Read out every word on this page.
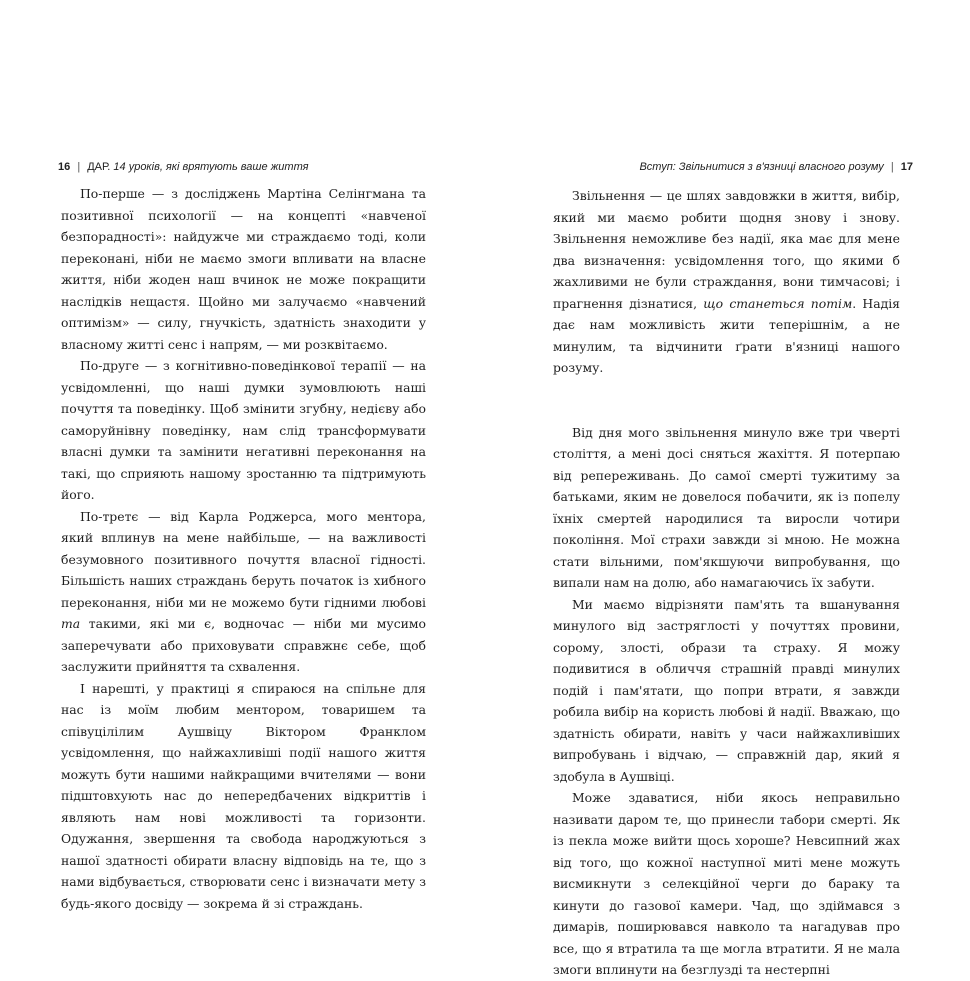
16 | ДАР. 14 уроків, які врятують ваше життя

По-перше — з досліджень Мартіна Селінгмана та позитивної психології — на концепті «навченої безпорадності»: найдужче ми страждаємо тоді, коли переконані, ніби не маємо змоги впливати на власне життя, ніби жоден наш вчинок не може покращити наслідків нещастя. Щойно ми залучаємо «навчений оптимізм» — силу, гнучкість, здатність знаходити у власному житті сенс і напрям, — ми розквітаємо.

По-друге — з когнітивно-поведінкової терапії — на усвідомленні, що наші думки зумовлюють наші почуття та поведінку. Щоб змінити згубну, недієву або саморуйнівну поведінку, нам слід трансформувати власні думки та замінити негативні переконання на такі, що сприяють нашому зростанню та підтримують його.

По-третє — від Карла Роджерса, мого ментора, який вплинув на мене найбільше, — на важливості безумовного позитивного почуття власної гідності. Більшість наших страждань беруть початок із хибного переконання, ніби ми не можемо бути гідними любові та такими, які ми є, водночас — ніби ми мусимо заперечувати або приховувати справжнє себе, щоб заслужити прийняття та схвалення.

І нарешті, у практиці я спираюся на спільне для нас із моїм любим ментором, товаришем та співуцілілим Аушвіцу Віктором Франклом усвідомлення, що найжахливіші події нашого життя можуть бути нашими найкращими вчителями — вони підштовхують нас до непередбачених відкриттів і являють нам нові можливості та горизонти. Одужання, звершення та свобода народжуються з нашої здатності обирати власну відповідь на те, що з нами відбувається, створювати сенс і визначати мету з будь-якого досвіду — зокрема й зі страждань.

Вступ: Звільнитися з в'язниці власного розуму | 17

Звільнення — це шлях завдовжки в життя, вибір, який ми маємо робити щодня знову і знову. Звільнення неможливе без надії, яка має для мене два визначення: усвідомлення того, що якими б жахливими не були страждання, вони тимчасові; і прагнення дізнатися, що станеться потім. Надія дає нам можливість жити теперішнім, а не минулим, та відчинити ґрати в'язниці нашого розуму.

Від дня мого звільнення минуло вже три чверті століття, а мені досі сняться жахіття. Я потерпаю від репереживань. До самої смерті тужитиму за батьками, яким не довелося побачити, як із попелу їхніх смертей народилися та виросли чотири покоління. Мої страхи завжди зі мною. Не можна стати вільними, пом'якшуючи випробування, що випали нам на долю, або намагаючись їх забути.

Ми маємо відрізняти пам'ять та вшанування минулого від застряглості у почуттях провини, сорому, злості, образи та страху. Я можу подивитися в обличчя страшній правді минулих подій і пам'ятати, що попри втрати, я завжди робила вибір на користь любові й надії. Вважаю, що здатність обирати, навіть у часи найжахливіших випробувань і відчаю, — справжній дар, який я здобула в Аушвіці.

Може здаватися, ніби якось неправильно називати даром те, що принесли табори смерті. Як із пекла може вийти щось хороше? Невсипний жах від того, що кожної наступної миті мене можуть висмикнути з селекційної черги до бараку та кинути до газової камери. Чад, що здіймався з димарів, поширювався навколо та нагадував про все, що я втратила та ще могла втратити. Я не мала змоги вплинути на безглузді та нестерпні
